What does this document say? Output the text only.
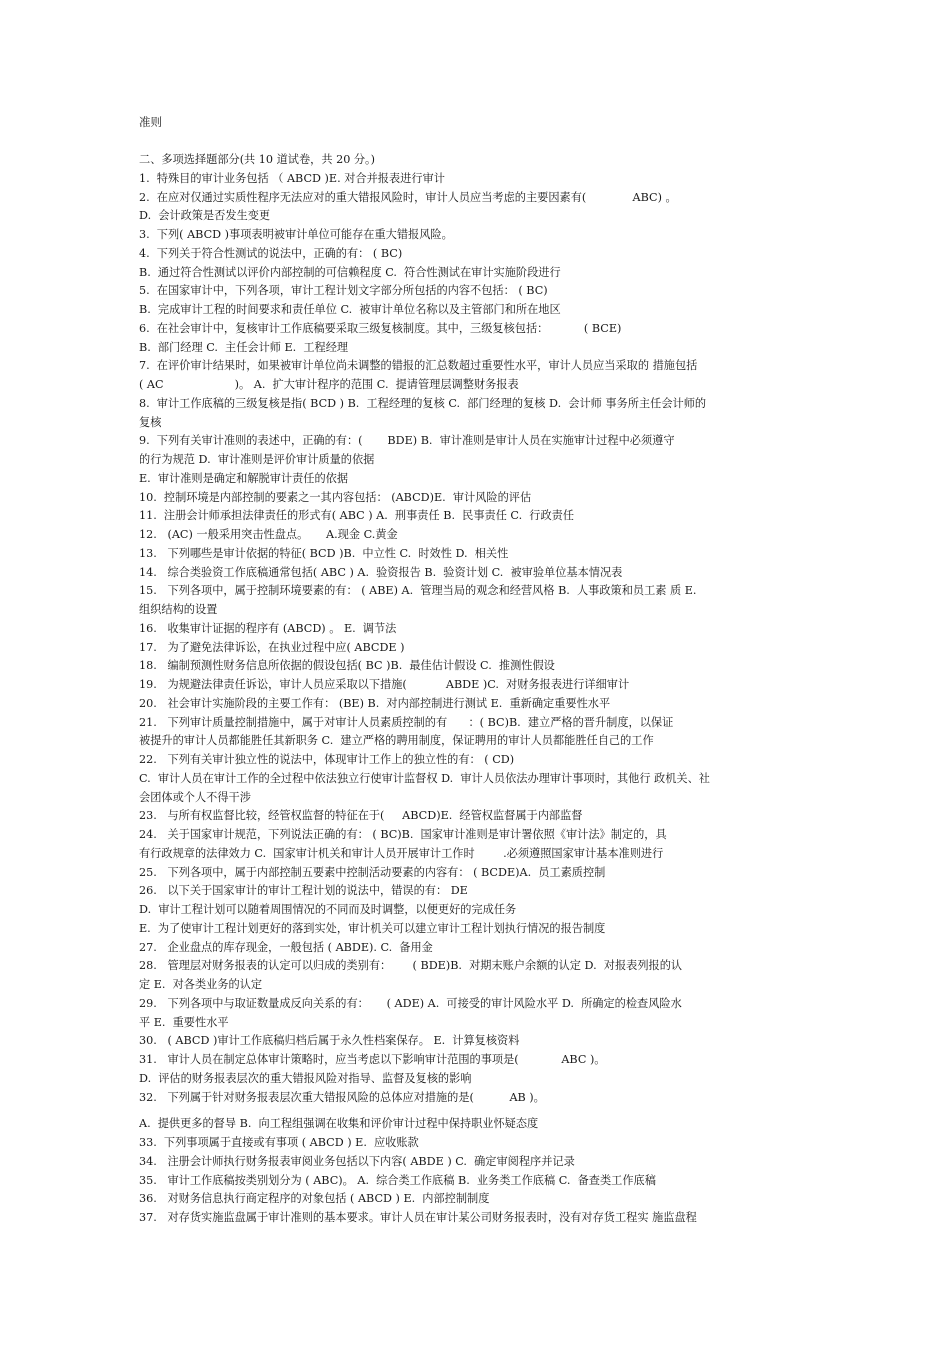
准则
二、多项选择题部分(共 10 道试卷，共 20 分。)
1.  特殊目的审计业务包括 （ ABCD )E. 对合并报表进行审计
2.  在应对仅通过实质性程序无法应对的重大错报风险时，审计人员应当考虑的主要因素有(             ABC) 。
D.  会计政策是否发生变更
3.  下列( ABCD )事项表明被审计单位可能存在重大错报风险。
4.  下列关于符合性测试的说法中，正确的有： ( BC)
B.  通过符合性测试以评价内部控制的可信赖程度 C.  符合性测试在审计实施阶段进行
5.  在国家审计中，下列各项，审计工程计划文字部分所包括的内容不包括： ( BC)
B.  完成审计工程的时间要求和责任单位 C.  被审计单位名称以及主管部门和所在地区
6.  在社会审计中，复核审计工作底稿要采取三级复核制度。其中，三级复核包括：          ( BCE)
B.  部门经理 C.  主任会计师 E.  工程经理
7.  在评价审计结果时，如果被审计单位尚未调整的错报的汇总数超过重要性水平，审计人员应当采取的 措施包括
( AC                    )。 A.  扩大审计程序的范围 C.  提请管理层调整财务报表
8.  审计工作底稿的三级复核是指( BCD ) B.  工程经理的复核 C.  部门经理的复核 D.  会计师 事务所主任会计师的
复核
9.  下列有关审计准则的表述中，正确的有：(       BDE) B.  审计准则是审计人员在实施审计过程中必须遵守
的行为规范 D.  审计准则是评价审计质量的依据
E.  审计准则是确定和解脱审计责任的依据
10.  控制环境是内部控制的要素之一其内容包括： (ABCD)E.  审计风险的评估
11.  注册会计师承担法律责任的形式有( ABC ) A.  刑事责任 B.  民事责任 C.  行政责任
12.   (AC) 一般采用突击性盘点。     A.现金 C.黄金
13.   下列哪些是审计依据的特征( BCD )B.  中立性 C.  时效性 D.  相关性
14.   综合类验资工作底稿通常包括( ABC ) A.  验资报告 B.  验资计划 C.  被审验单位基本情况表
15.   下列各项中，属于控制环境要素的有： ( ABE) A.  管理当局的观念和经营风格 B.  人事政策和员工素 质 E.
组织结构的设置
16.   收集审计证据的程序有 (ABCD) 。 E.  调节法
17.   为了避免法律诉讼，在执业过程中应( ABCDE )
18.   编制预测性财务信息所依据的假设包括( BC )B.  最佳估计假设 C.  推测性假设
19.   为规避法律责任诉讼，审计人员应采取以下措施(           ABDE )C.  对财务报表进行详细审计
20.   社会审计实施阶段的主要工作有： (BE) B.  对内部控制进行测试 E.  重新确定重要性水平
21.   下列审计质量控制措施中，属于对审计人员素质控制的有      ：( BC)B.  建立严格的晋升制度，以保证
被提升的审计人员都能胜任其新职务 C.  建立严格的聘用制度，保证聘用的审计人员都能胜任自己的工作
22.   下列有关审计独立性的说法中，体现审计工作上的独立性的有： ( CD)
C.  审计人员在审计工作的全过程中依法独立行使审计监督权 D.  审计人员依法办理审计事项时，其他行 政机关、社
会团体或个人不得干涉
23.   与所有权监督比较，经管权监督的特征在于(     ABCD)E.  经管权监督属于内部监督
24.   关于国家审计规范，下列说法正确的有： ( BC)B.  国家审计准则是审计署依照《审计法》制定的，具
有行政规章的法律效力 C.  国家审计机关和审计人员开展审计工作时        .必须遵照国家审计基本准则进行
25.   下列各项中，属于内部控制五要素中控制活动要素的内容有： ( BCDE)A.  员工素质控制
26.   以下关于国家审计的审计工程计划的说法中，错误的有： DE
D.  审计工程计划可以随着周围情况的不同而及时调整，以便更好的完成任务
E.  为了使审计工程计划更好的落到实处，审计机关可以建立审计工程计划执行情况的报告制度
27.   企业盘点的库存现金，一般包括 ( ABDE). C.  备用金
28.   管理层对财务报表的认定可以归成的类别有：      ( BDE)B.  对期末账户余额的认定 D.  对报表列报的认
定 E.  对各类业务的认定
29.   下列各项中与取证数量成反向关系的有：     ( ADE) A.  可接受的审计风险水平 D.  所确定的检查风险水
平 E.  重要性水平
30.   ( ABCD )审计工作底稿归档后属于永久性档案保存。 E.  计算复核资料
31.   审计人员在制定总体审计策略时，应当考虑以下影响审计范围的事项是(            ABC )。
D.  评估的财务报表层次的重大错报风险对指导、监督及复核的影响
32.   下列属于针对财务报表层次重大错报风险的总体应对措施的是(          AB )。
A.  提供更多的督导 B.  向工程组强调在收集和评价审计过程中保持职业怀疑态度
33.  下列事项属于直接或有事项 ( ABCD ) E.  应收账款
34.   注册会计师执行财务报表审阅业务包括以下内容( ABDE ) C.  确定审阅程序并记录
35.   审计工作底稿按类别划分为 ( ABC)。 A.  综合类工作底稿 B.  业务类工作底稿 C.  备查类工作底稿
36.   对财务信息执行商定程序的对象包括 ( ABCD ) E.  内部控制制度
37.   对存货实施监盘属于审计准则的基本要求。审计人员在审计某公司财务报表时，没有对存货工程实 施监盘程
